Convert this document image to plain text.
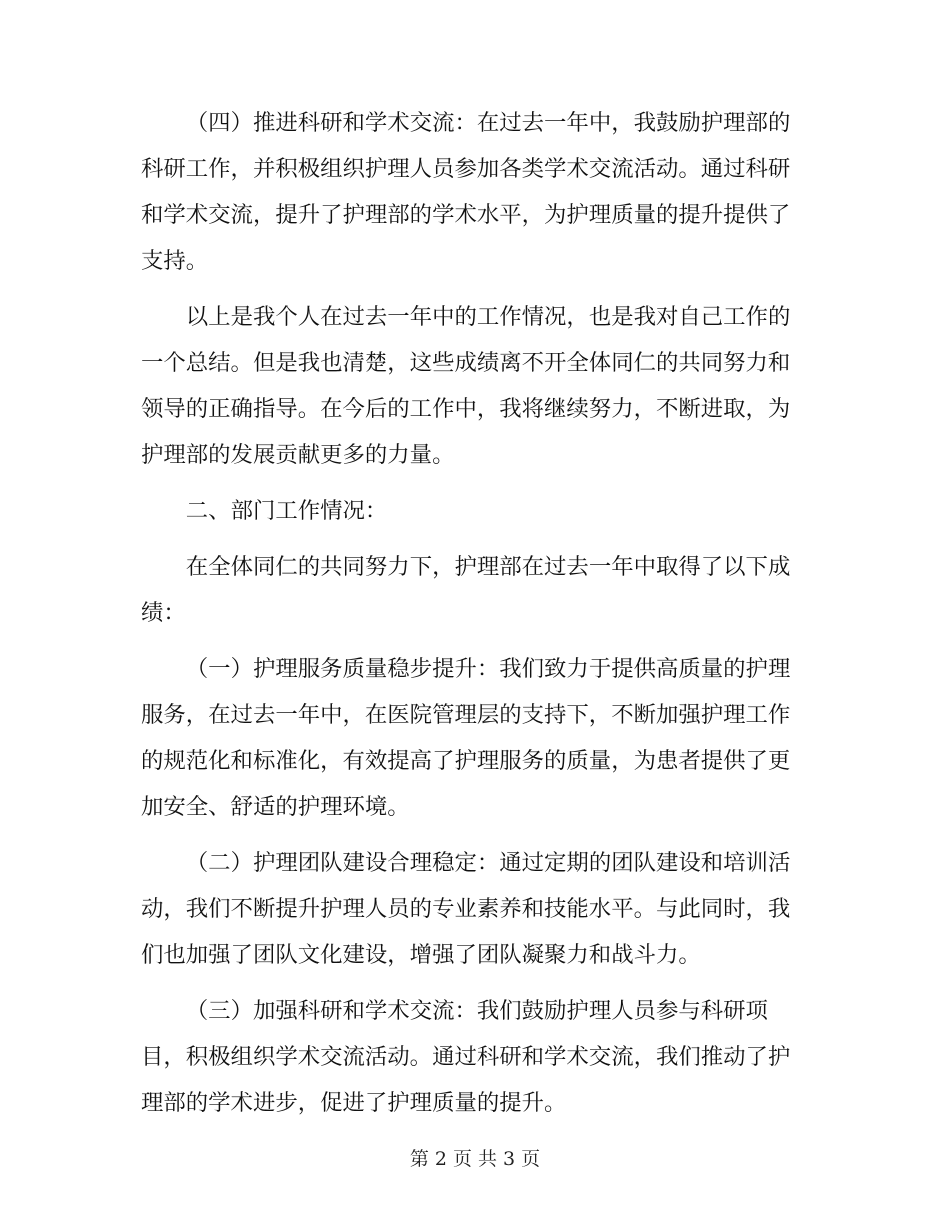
（四）推进科研和学术交流：在过去一年中，我鼓励护理部的科研工作，并积极组织护理人员参加各类学术交流活动。通过科研和学术交流，提升了护理部的学术水平，为护理质量的提升提供了支持。

以上是我个人在过去一年中的工作情况，也是我对自己工作的一个总结。但是我也清楚，这些成绩离不开全体同仁的共同努力和领导的正确指导。在今后的工作中，我将继续努力，不断进取，为护理部的发展贡献更多的力量。

二、部门工作情况：

在全体同仁的共同努力下，护理部在过去一年中取得了以下成绩：

（一）护理服务质量稳步提升：我们致力于提供高质量的护理服务，在过去一年中，在医院管理层的支持下，不断加强护理工作的规范化和标准化，有效提高了护理服务的质量，为患者提供了更加安全、舒适的护理环境。

（二）护理团队建设合理稳定：通过定期的团队建设和培训活动，我们不断提升护理人员的专业素养和技能水平。与此同时，我们也加强了团队文化建设，增强了团队凝聚力和战斗力。

（三）加强科研和学术交流：我们鼓励护理人员参与科研项目，积极组织学术交流活动。通过科研和学术交流，我们推动了护理部的学术进步，促进了护理质量的提升。

第 2 页 共 3 页
